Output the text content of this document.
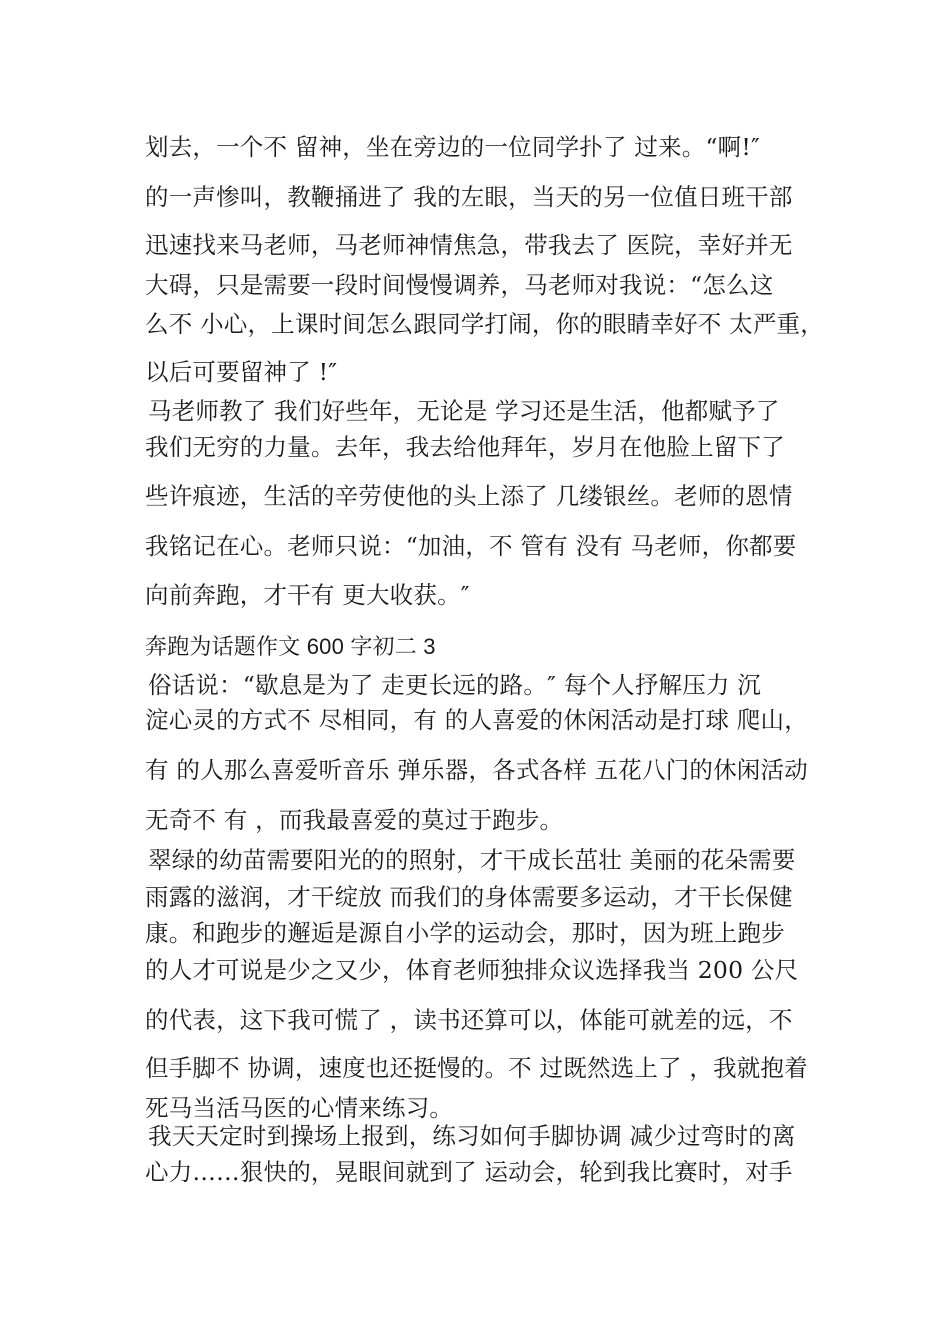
划去，一个不 留神，坐在旁边的一位同学扑了 过来。“啊!″
的一声惨叫，教鞭捅进了 我的左眼，当天的另一位值日班干部
迅速找来马老师，马老师神情焦急，带我去了 医院，幸好并无
大碍，只是需要一段时间慢慢调养，马老师对我说：“怎么这
么不 小心，上课时间怎么跟同学打闹，你的眼睛幸好不 太严重，
以后可要留神了 !″
马老师教了 我们好些年，无论是 学习还是生活，他都赋予了
我们无穷的力量。去年，我去给他拜年，岁月在他脸上留下了
些许痕迹，生活的辛劳使他的头上添了 几缕银丝。老师的恩情
我铭记在心。老师只说：“加油，不 管有 没有 马老师，你都要
向前奔跑，才干有 更大收获。″
奔跑为话题作文 600 字初二 3
俗话说：“歇息是为了 走更长远的路。″ 每个人抒解压力 沉
淀心灵的方式不 尽相同，有 的人喜爱的休闲活动是打球 爬山，
有 的人那么喜爱听音乐 弹乐器，各式各样 五花八门的休闲活动
无奇不 有 ，而我最喜爱的莫过于跑步。
翠绿的幼苗需要阳光的的照射，才干成长茁壮 美丽的花朵需要
雨露的滋润，才干绽放 而我们的身体需要多运动，才干长保健
康。和跑步的邂逅是源自小学的运动会，那时，因为班上跑步
的人才可说是少之又少，体育老师独排众议选择我当 200 公尺
的代表，这下我可慌了 ，读书还算可以，体能可就差的远，不
但手脚不 协调，速度也还挺慢的。不 过既然选上了 ，我就抱着
死马当活马医的心情来练习。
我天天定时到操场上报到，练习如何手脚协调 减少过弯时的离
心力……狠快的，晃眼间就到了 运动会，轮到我比赛时，对手
